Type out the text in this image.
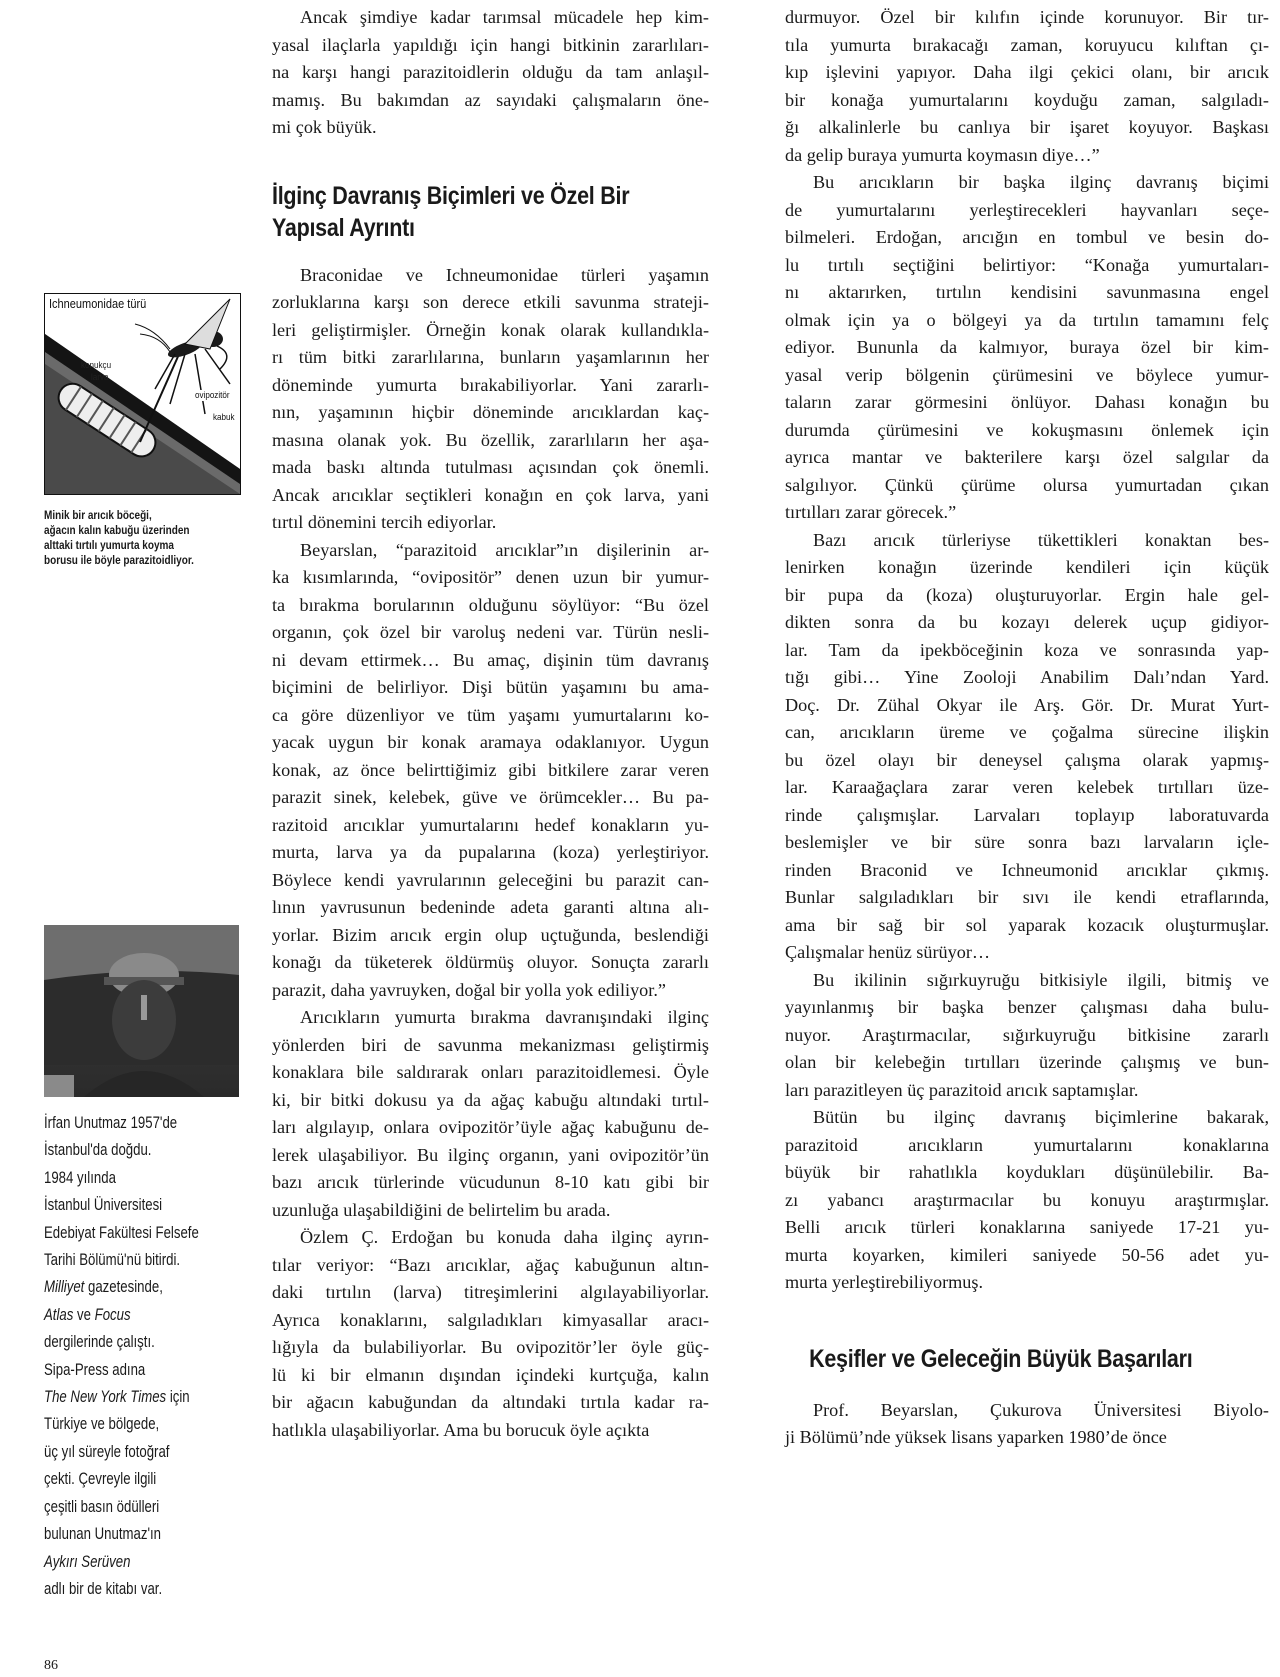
Ichneumonidae türü
konukçu
larva
ovipozitör
kabuk
Minik bir arıcık böceği,
ağacın kalın kabuğu üzerinden
alttaki tırtılı yumurta koyma
borusu ile böyle parazitoidliyor.
İrfan Unutmaz 1957'de
İstanbul'da doğdu.
1984 yılında
İstanbul Üniversitesi
Edebiyat Fakültesi Felsefe
Tarihi Bölümü'nü bitirdi.
Milliyet gazetesinde,
Atlas ve Focus
dergilerinde çalıştı.
Sipa-Press adına
The New York Times için
Türkiye ve bölgede,
üç yıl süreyle fotoğraf
çekti. Çevreyle ilgili
çeşitli basın ödülleri
bulunan Unutmaz'ın
Aykırı Serüven
adlı bir de kitabı var.
86
Ancak şimdiye kadar tarımsal mücadele hep kim-
yasal ilaçlarla yapıldığı için hangi bitkinin zararlıları-
na karşı hangi parazitoidlerin olduğu da tam anlaşıl-
mamış. Bu bakımdan az sayıdaki çalışmaların öne-
mi çok büyük.
İlginç Davranış Biçimleri ve Özel Bir
Yapısal Ayrıntı
Braconidae ve Ichneumonidae türleri yaşamın
zorluklarına karşı son derece etkili savunma strateji-
leri geliştirmişler. Örneğin konak olarak kullandıkla-
rı tüm bitki zararlılarına, bunların yaşamlarının her
döneminde yumurta bırakabiliyorlar. Yani zararlı-
nın, yaşamının hiçbir döneminde arıcıklardan kaç-
masına olanak yok. Bu özellik, zararlıların her aşa-
mada baskı altında tutulması açısından çok önemli.
Ancak arıcıklar seçtikleri konağın en çok larva, yani
tırtıl dönemini tercih ediyorlar.
Beyarslan, “parazitoid arıcıklar”ın dişilerinin ar-
ka kısımlarında, “ovipositör” denen uzun bir yumur-
ta bırakma borularının olduğunu söylüyor: “Bu özel
organın, çok özel bir varoluş nedeni var. Türün nesli-
ni devam ettirmek… Bu amaç, dişinin tüm davranış
biçimini de belirliyor. Dişi bütün yaşamını bu ama-
ca göre düzenliyor ve tüm yaşamı yumurtalarını ko-
yacak uygun bir konak aramaya odaklanıyor. Uygun
konak, az önce belirttiğimiz gibi bitkilere zarar veren
parazit sinek, kelebek, güve ve örümcekler… Bu pa-
razitoid arıcıklar yumurtalarını hedef konakların yu-
murta, larva ya da pupalarına (koza) yerleştiriyor.
Böylece kendi yavrularının geleceğini bu parazit can-
lının yavrusunun bedeninde adeta garanti altına alı-
yorlar. Bizim arıcık ergin olup uçtuğunda, beslendiği
konağı da tüketerek öldürmüş oluyor. Sonuçta zararlı
parazit, daha yavruyken, doğal bir yolla yok ediliyor.”
Arıcıkların yumurta bırakma davranışındaki ilginç
yönlerden biri de savunma mekanizması geliştirmiş
konaklara bile saldırarak onları parazitoidlemesi. Öyle
ki, bir bitki dokusu ya da ağaç kabuğu altındaki tırtıl-
ları algılayıp, onlara ovipozitör’üyle ağaç kabuğunu de-
lerek ulaşabiliyor. Bu ilginç organın, yani ovipozitör’ün
bazı arıcık türlerinde vücudunun 8-10 katı gibi bir
uzunluğa ulaşabildiğini de belirtelim bu arada.
Özlem Ç. Erdoğan bu konuda daha ilginç ayrın-
tılar veriyor: “Bazı arıcıklar, ağaç kabuğunun altın-
daki tırtılın (larva) titreşimlerini algılayabiliyorlar.
Ayrıca konaklarını, salgıladıkları kimyasallar aracı-
lığıyla da bulabiliyorlar. Bu ovipozitör’ler öyle güç-
lü ki bir elmanın dışından içindeki kurtçuğa, kalın
bir ağacın kabuğundan da altındaki tırtıla kadar ra-
hatlıkla ulaşabiliyorlar. Ama bu borucuk öyle açıkta
durmuyor. Özel bir kılıfın içinde korunuyor. Bir tır-
tıla yumurta bırakacağı zaman, koruyucu kılıftan çı-
kıp işlevini yapıyor. Daha ilgi çekici olanı, bir arıcık
bir konağa yumurtalarını koyduğu zaman, salgıladı-
ğı alkalinlerle bu canlıya bir işaret koyuyor. Başkası
da gelip buraya yumurta koymasın diye…”
Bu arıcıkların bir başka ilginç davranış biçimi
de yumurtalarını yerleştirecekleri hayvanları seçe-
bilmeleri. Erdoğan, arıcığın en tombul ve besin do-
lu tırtılı seçtiğini belirtiyor: “Konağa yumurtaları-
nı aktarırken, tırtılın kendisini savunmasına engel
olmak için ya o bölgeyi ya da tırtılın tamamını felç
ediyor. Bununla da kalmıyor, buraya özel bir kim-
yasal verip bölgenin çürümesini ve böylece yumur-
taların zarar görmesini önlüyor. Dahası konağın bu
durumda çürümesini ve kokuşmasını önlemek için
ayrıca mantar ve bakterilere karşı özel salgılar da
salgılıyor. Çünkü çürüme olursa yumurtadan çıkan
tırtılları zarar görecek.”
Bazı arıcık türleriyse tükettikleri konaktan bes-
lenirken konağın üzerinde kendileri için küçük
bir pupa da (koza) oluşturuyorlar. Ergin hale gel-
dikten sonra da bu kozayı delerek uçup gidiyor-
lar. Tam da ipekböceğinin koza ve sonrasında yap-
tığı gibi… Yine Zooloji Anabilim Dalı’ndan Yard.
Doç. Dr. Zühal Okyar ile Arş. Gör. Dr. Murat Yurt-
can, arıcıkların üreme ve çoğalma sürecine ilişkin
bu özel olayı bir deneysel çalışma olarak yapmış-
lar. Karaağaçlara zarar veren kelebek tırtılları üze-
rinde çalışmışlar. Larvaları toplayıp laboratuvarda
beslemişler ve bir süre sonra bazı larvaların içle-
rinden Braconid ve Ichneumonid arıcıklar çıkmış.
Bunlar salgıladıkları bir sıvı ile kendi etraflarında,
ama bir sağ bir sol yaparak kozacık oluşturmuşlar.
Çalışmalar henüz sürüyor…
Bu ikilinin sığırkuyruğu bitkisiyle ilgili, bitmiş ve
yayınlanmış bir başka benzer çalışması daha bulu-
nuyor. Araştırmacılar, sığırkuyruğu bitkisine zararlı
olan bir kelebeğin tırtılları üzerinde çalışmış ve bun-
ları parazitleyen üç parazitoid arıcık saptamışlar.
Bütün bu ilginç davranış biçimlerine bakarak,
parazitoid arıcıkların yumurtalarını konaklarına
büyük bir rahatlıkla koydukları düşünülebilir. Ba-
zı yabancı araştırmacılar bu konuyu araştırmışlar.
Belli arıcık türleri konaklarına saniyede 17-21 yu-
murta koyarken, kimileri saniyede 50-56 adet yu-
murta yerleştirebiliyormuş.
Keşifler ve Geleceğin Büyük Başarıları
Prof. Beyarslan, Çukurova Üniversitesi Biyolo-
ji Bölümü’nde yüksek lisans yaparken 1980’de önce
